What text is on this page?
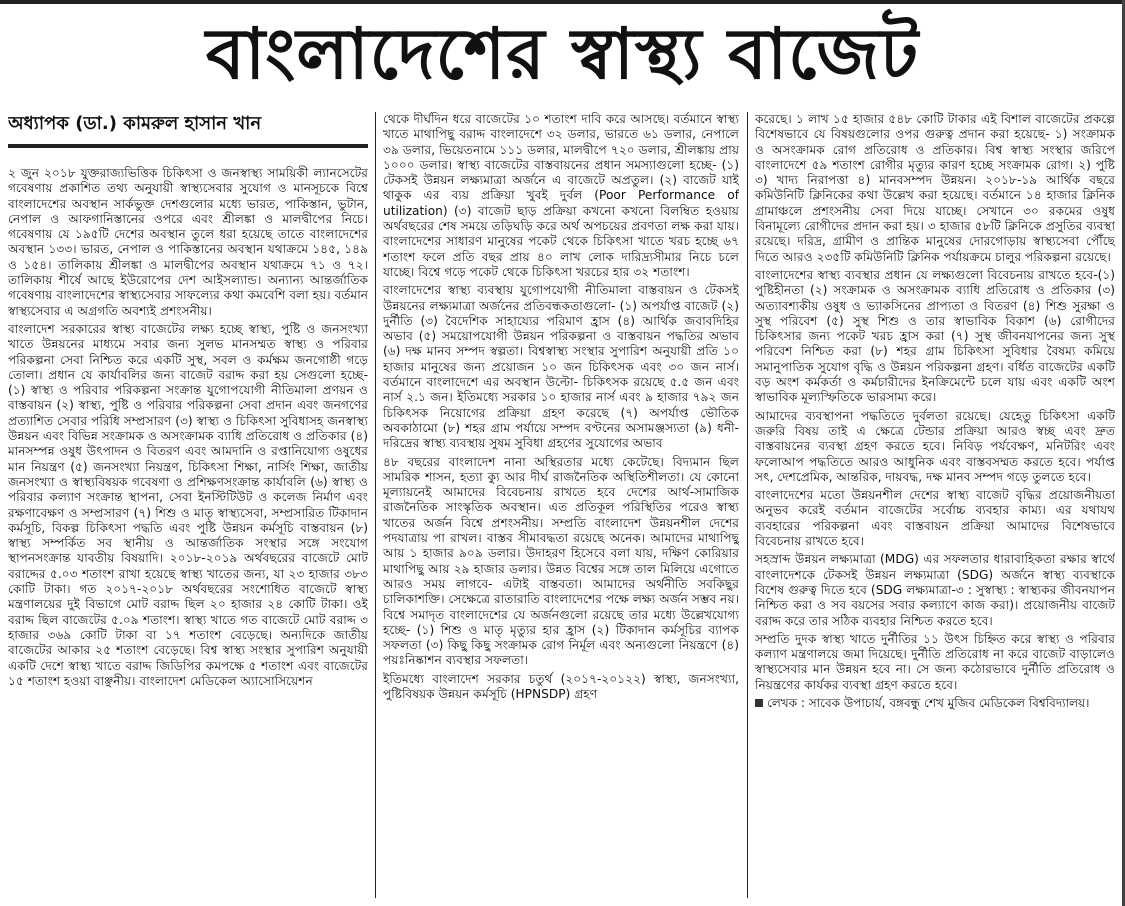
বাংলাদেশের স্বাস্থ্য বাজেট
অধ্যাপক (ডা.) কামরুল হাসান খান

২ জুন ২০১৮ যুক্তরাজ্যভিত্তিক চিকিৎসা ও জনস্বাস্থ্য সাময়িকী ল্যানসেটের গবেষণায় প্রকাশিত তথ্য অনুযায়ী স্বাস্থ্যসেবার সুযোগ ও মানসূচকে বিশ্বে বাংলাদেশের অবস্থান সার্কভুক্ত দেশগুলোর মধ্যে ভারত, পাকিস্তান, ভুটান, নেপাল ও আফগানিস্তানের ওপরে এবং শ্রীলঙ্কা ও মালদ্বীপের নিচে। গবেষণায় যে ১৯৫টি দেশের অবস্থান তুলে ধরা হয়েছে তাতে বাংলাদেশের অবস্থান ১৩৩। ভারত, নেপাল ও পাকিস্তানের অবস্থান যথাক্রমে ১৪৫, ১৪৯ ও ১৫৪। তালিকায় শ্রীলঙ্কা ও মালদ্বীপের অবস্থান যথাক্রমে ৭১ ও ৭২। তালিকায় শীর্ষে আছে ইউরোপের দেশ আইসল্যান্ড। অন্যান্য আন্তর্জাতিক গবেষণায় বাংলাদেশের স্বাস্থ্যসেবার সাফল্যের কথা কমবেশি বলা হয়। বর্তমান স্বাস্থ্যসেবার এ অগ্রগতি অবশ্যই প্রশংসনীয়।

বাংলাদেশ সরকারের স্বাস্থ্য বাজেটের লক্ষ্য হচ্ছে স্বাস্থ্য, পুষ্টি ও জনসংখ্যা খাতে উন্নয়নের মাধ্যমে সবার জন্য সুলভ মানসম্মত স্বাস্থ্য ও পরিবার পরিকল্পনা সেবা নিশ্চিত করে একটি সুস্থ, সবল ও কর্মক্ষম জনগোষ্ঠী গড়ে তোলা। প্রধান যে কার্যাবলির জন্য বাজেট বরাদ্দ করা হয় সেগুলো হচ্ছে- (১) স্বাস্থ্য ও পরিবার পরিকল্পনা সংক্রান্ত যুগোপযোগী নীতিমালা প্রণয়ন ও বাস্তবায়ন (২) স্বাস্থ্য, পুষ্টি ও পরিবার পরিকল্পনা সেবা প্রদান এবং জনগণের প্রত্যাশিত সেবার পরিধি সম্প্রসারণ (৩) স্বাস্থ্য ও চিকিৎসা সুবিধাসহ জনস্বাস্থ্য উন্নয়ন এবং বিভিন্ন সংক্রামক ও অসংক্রামক ব্যাধি প্রতিরোধ ও প্রতিকার (৪) মানসম্পন্ন ওষুধ উৎপাদন ও বিতরণ এবং আমদানি ও রপ্তানিযোগ্য ওষুধের মান নিয়ন্ত্রণ (৫) জনসংখ্যা নিয়ন্ত্রণ, চিকিৎসা শিক্ষা, নার্সিং শিক্ষা, জাতীয় জনসংখ্যা ও স্বাস্থ্যবিষয়ক গবেষণা ও প্রশিক্ষণসংক্রান্ত কার্যাবলি (৬) স্বাস্থ্য ও পরিবার কল্যাণ সংক্রান্ত স্থাপনা, সেবা ইনস্টিটিউট ও কলেজ নির্মাণ এবং রক্ষণাবেক্ষণ ও সম্প্রসারণ (৭) শিশু ও মাতৃ স্বাস্থ্যসেবা, সম্প্রসারিত টিকাদান কর্মসূচি, বিকল্প চিকিৎসা পদ্ধতি এবং পুষ্টি উন্নয়ন কর্মসূচি বাস্তবায়ন (৮) স্বাস্থ্য সম্পর্কিত সব স্থানীয় ও আন্তর্জাতিক সংস্থার সঙ্গে সংযোগ স্থাপনসংক্রান্ত যাবতীয় বিষয়াদি। ২০১৮-২০১৯ অর্থবছরের বাজেটে মোট বরাদ্দের ৫.০৩ শতাংশ রাখা হয়েছে স্বাস্থ্য খাতের জন্য, যা ২৩ হাজার ৩৮৩ কোটি টাকা। গত ২০১৭-২০১৮ অর্থবছরের সংশোধিত বাজেটে স্বাস্থ্য মন্ত্রণালয়ের দুই বিভাগে মোট বরাদ্দ ছিল ২০ হাজার ২৪ কোটি টাকা। ওই বরাদ্দ ছিল বাজেটের ৫.০৯ শতাংশ। স্বাস্থ্য খাতে গত বাজেটে মোট বরাদ্দ ৩ হাজার ৩৬৯ কোটি টাকা বা ১৭ শতাংশ বেড়েছে। অন্যদিকে জাতীয় বাজেটের আকার ২৫ শতাংশ বেড়েছে। বিশ্ব স্বাস্থ্য সংস্থার সুপারিশ অনুযায়ী একটি দেশে স্বাস্থ্য খাতে বরাদ্দ জিডিপির কমপক্ষে ৫ শতাংশ এবং বাজেটের ১৫ শতাংশ হওয়া বাঞ্ছনীয়। বাংলাদেশ মেডিকেল অ্যাসোসিয়েশন

থেকে দীর্ঘদিন ধরে বাজেটের ১০ শতাংশ দাবি করে আসছে। বর্তমানে স্বাস্থ্য খাতে মাথাপিছু বরাদ্দ বাংলাদেশে ৩২ ডলার, ভারতে ৬১ ডলার, নেপালে ৩৯ ডলার, ভিয়েতনামে ১১১ ডলার, মালদ্বীপে ৭২০ ডলার, শ্রীলঙ্কায় প্রায় ১০০০ ডলার। স্বাস্থ্য বাজেটের বাস্তবায়নের প্রধান সমস্যাগুলো হচ্ছে- (১) টেকসই উন্নয়ন লক্ষ্যমাত্রা অর্জনে এ বাজেটে অপ্রতুল। (২) বাজেট যাই থাকুক এর ব্যয় প্রক্রিয়া খুবই দুর্বল (Poor Performance of utilization) (৩) বাজেট ছাড় প্রক্রিয়া কখনো কখনো বিলম্বিত হওয়ায় অর্থবছরের শেষ সময়ে তড়িঘড়ি করে অর্থ অপচয়ের প্রবণতা লক্ষ করা যায়। বাংলাদেশের সাধারণ মানুষের পকেট থেকে চিকিৎসা খাতে খরচ হচ্ছে ৬৭ শতাংশ ফলে প্রতি বছর প্রায় ৪০ লাখ লোক দারিদ্র্যসীমার নিচে চলে যাচ্ছে। বিশ্বে গড়ে পকেট থেকে চিকিৎসা খরচের হার ৩২ শতাংশ।

বাংলাদেশের স্বাস্থ্য ব্যবস্থায় যুগোপযোগী নীতিমালা বাস্তবায়ন ও টেকসই উন্নয়নের লক্ষ্যমাত্রা অর্জনের প্রতিবন্ধকতাগুলো- (১) অপর্যাপ্ত বাজেট (২) দুর্নীতি (৩) বৈদেশিক সাহায্যের পরিমাণ হ্রাস (৪) আর্থিক জবাবদিহির অভাব (৫) সময়োপযোগী উন্নয়ন পরিকল্পনা ও বাস্তবায়ন পদ্ধতির অভাব (৬) দক্ষ মানব সম্পদ স্বল্পতা। বিশ্বস্বাস্থ্য সংস্থার সুপারিশ অনুযায়ী প্রতি ১০ হাজার মানুষের জন্য প্রয়োজন ১০ জন চিকিৎসক এবং ৩০ জন নার্স। বর্তমানে বাংলাদেশে এর অবস্থান উল্টো- চিকিৎসক রয়েছে ৫.৫ জন এবং নার্স ২.১ জন। ইতিমধ্যে সরকার ১০ হাজার নার্স এবং ৯ হাজার ৭৯২ জন চিকিৎসক নিয়োগের প্রক্রিয়া গ্রহণ করেছে (৭) অপর্যাপ্ত ভৌতিক অবকাঠামো (৮) শহর গ্রাম পর্যায়ে সম্পদ বণ্টনের অসামঞ্জস্যতা (৯) ধনী-দরিদ্রের স্বাস্থ্য ব্যবস্থায় সুষম সুবিধা গ্রহণের সুযোগের অভাব

৪৮ বছরের বাংলাদেশ নানা অস্থিরতার মধ্যে কেটেছে। বিদ্যমান ছিল সামরিক শাসন, হত্যা ক্যু আর দীর্ঘ রাজনৈতিক অস্থিতিশীলতা। যে কোনো মূল্যায়নেই আমাদের বিবেচনায় রাখতে হবে দেশের আর্থ-সামাজিক রাজনৈতিক সাংস্কৃতিক অবস্থান। এত প্রতিকূল পরিস্থিতির পরেও স্বাস্থ্য খাতের অর্জন বিশ্বে প্রশংসনীয়। সম্প্রতি বাংলাদেশ উন্নয়নশীল দেশের পদযাত্রায় পা রাখল। বাস্তব সীমাবদ্ধতা রয়েছে অনেক। আমাদের মাথাপিছু আয় ১ হাজার ৯০৯ ডলার। উদাহরণ হিসেবে বলা যায়, দক্ষিণ কোরিয়ার মাথাপিছু আয় ২৯ হাজার ডলার। উন্নত বিশ্বের সঙ্গে তাল মিলিয়ে এগোতে আরও সময় লাগবে- এটাই বাস্তবতা। আমাদের অর্থনীতি সবকিছুর চালিকাশক্তি। সেক্ষেত্রে রাতারাতি বাংলাদেশের পক্ষে লক্ষ্য অর্জন সম্ভব নয়। বিশ্বে সমাদৃত বাংলাদেশের যে অর্জনগুলো রয়েছে তার মধ্যে উল্লেখযোগ্য হচ্ছে- (১) শিশু ও মাতৃ মৃত্যুর হার হ্রাস (২) টিকাদান কর্মসূচির ব্যাপক সফলতা (৩) কিছু কিছু সংক্রামক রোগ নির্মূল এবং অন্যগুলো নিয়ন্ত্রণে (৪) পয়ঃনিষ্কাশন ব্যবস্থার সফলতা।

ইতিমধ্যে বাংলাদেশ সরকার চতুর্থ (২০১৭-২০১২২) স্বাস্থ্য, জনসংখ্যা, পুষ্টিবিষয়ক উন্নয়ন কর্মসূচি (HPNSDP) গ্রহণ

করেছে। ১ লাখ ১৫ হাজার ৫৪৮ কোটি টাকার এই বিশাল বাজেটের প্রকল্পে বিশেষভাবে যে বিষয়গুলোর ওপর গুরুত্ব প্রদান করা হয়েছে- ১) সংক্রামক ও অসংক্রামক রোগ প্রতিরোধ ও প্রতিকার। বিশ্ব স্বাস্থ্য সংস্থার জরিপে বাংলাদেশে ৫৯ শতাংশ রোগীর মৃত্যুর কারণ হচ্ছে সংক্রামক রোগ। ২) পুষ্টি ৩) খাদ্য নিরাপত্তা ৪) মানবসম্পদ উন্নয়ন। ২০১৮-১৯ আর্থিক বছরে কমিউনিটি ক্লিনিকের কথা উল্লেখ করা হয়েছে। বর্তমানে ১৪ হাজার ক্লিনিক গ্রামাঞ্চলে প্রশংসনীয় সেবা দিয়ে যাচ্ছে। সেখানে ৩০ রকমের ওষুধ বিনামূল্যে রোগীদের প্রদান করা হয়। ৩ হাজার ৫৮টি ক্লিনিকে প্রসুতির ব্যবস্থা রয়েছে। দরিদ্র, গ্রামীণ ও প্রান্তিক মানুষের দোরগোড়ায় স্বাস্থ্যসেবা পৌঁছে দিতে আরও ২৩৫টি কমিউনিটি ক্লিনিক পর্যায়ক্রমে চালুর পরিকল্পনা রয়েছে।

বাংলাদেশের স্বাস্থ্য ব্যবস্থার প্রধান যে লক্ষ্যগুলো বিবেচনায় রাখতে হবে-(১) পুষ্টিহীনতা (২) সংক্রামক ও অসংক্রামক ব্যাধি প্রতিরোধ ও প্রতিকার (৩) অত্যাবশ্যকীয় ওষুধ ও ভ্যাকসিনের প্রাপ্যতা ও বিতরণ (৪) শিশু সুরক্ষা ও সুস্থ পরিবেশ (৫) সুস্থ শিশু ও তার স্বাভাবিক বিকাশ (৬) রোগীদের চিকিৎসার জন্য পকেট খরচ হ্রাস করা (৭) সুস্থ জীবনযাপনের জন্য সুস্থ পরিবেশ নিশ্চিত করা (৮) শহর গ্রাম চিকিৎসা সুবিধার বৈষম্য কমিয়ে সমানুপাতিক সুযোগ বৃদ্ধি ও উন্নয়ন পরিকল্পনা গ্রহণ। বর্ধিত বাজেটের একটি বড় অংশ কর্মকর্তা ও কর্মচারীদের ইনক্রিমেন্টে চলে যায় এবং একটি অংশ স্বাভাবিক মূল্যস্ফিতিকে ভারসাম্য করে।

আমাদের ব্যবস্থাপনা পদ্ধতিতে দুর্বলতা রয়েছে। যেহেতু চিকিৎসা একটি জরুরি বিষয় তাই এ ক্ষেত্রে টেন্ডার প্রক্রিয়া আরও স্বচ্ছ এবং দ্রুত বাস্তবায়নের ব্যবস্থা গ্রহণ করতে হবে। নিবিড় পর্যবেক্ষণ, মনিটরিং এবং ফলোআপ পদ্ধতিতে আরও আধুনিক এবং বাস্তবসম্মত করতে হবে। পর্যাপ্ত সৎ, দেশপ্রেমিক, আন্তরিক, দায়বদ্ধ, দক্ষ মানব সম্পদ গড়ে তুলতে হবে।

বাংলাদেশের মতো উন্নয়নশীল দেশের স্বাস্থ্য বাজেট বৃদ্ধির প্রয়োজনীয়তা অনুভব করেই বর্তমান বাজেটের সর্বোচ্চ ব্যবহার কাম্য। এর যথাযথ ব্যবহারের পরিকল্পনা এবং বাস্তবায়ন প্রক্রিয়া আমাদের বিশেষভাবে বিবেচনায় রাখতে হবে।

সহস্রাব্দ উন্নয়ন লক্ষ্যমাত্রা (MDG) এর সফলতার ধারাবাহিকতা রক্ষার স্বার্থে বাংলাদেশকে টেকসই উন্নয়ন লক্ষ্যমাত্রা (SDG) অর্জনে স্বাস্থ্য ব্যবস্থাকে বিশেষ গুরুত্ব দিতে হবে (SDG লক্ষ্যমাত্রা-৩ : সুস্বাস্থ্য : স্বাস্থ্যকর জীবনযাপন নিশ্চিত করা ও সব বয়সের সবার কল্যাণে কাজ করা)। প্রয়োজনীয় বাজেট বরাদ্দ করে তার সঠিক ব্যবহার নিশ্চিত করতে হবে।

সম্প্রতি দুদক স্বাস্থ্য খাতে দুর্নীতির ১১ উৎস চিহ্নিত করে স্বাস্থ্য ও পরিবার কল্যাণ মন্ত্রণালয়ে জমা দিয়েছে। দুর্নীতি প্রতিরোধ না করে বাজেট বাড়ালেও স্বাস্থ্যসেবার মান উন্নয়ন হবে না। সে জন্য কঠোরভাবে দুর্নীতি প্রতিরোধ ও নিয়ন্ত্রণের কার্যকর ব্যবস্থা গ্রহণ করতে হবে।

লেখক : সাবেক উপাচার্য, বঙ্গবন্ধু শেখ মুজিব মেডিকেল বিশ্ববিদ্যালয়।
